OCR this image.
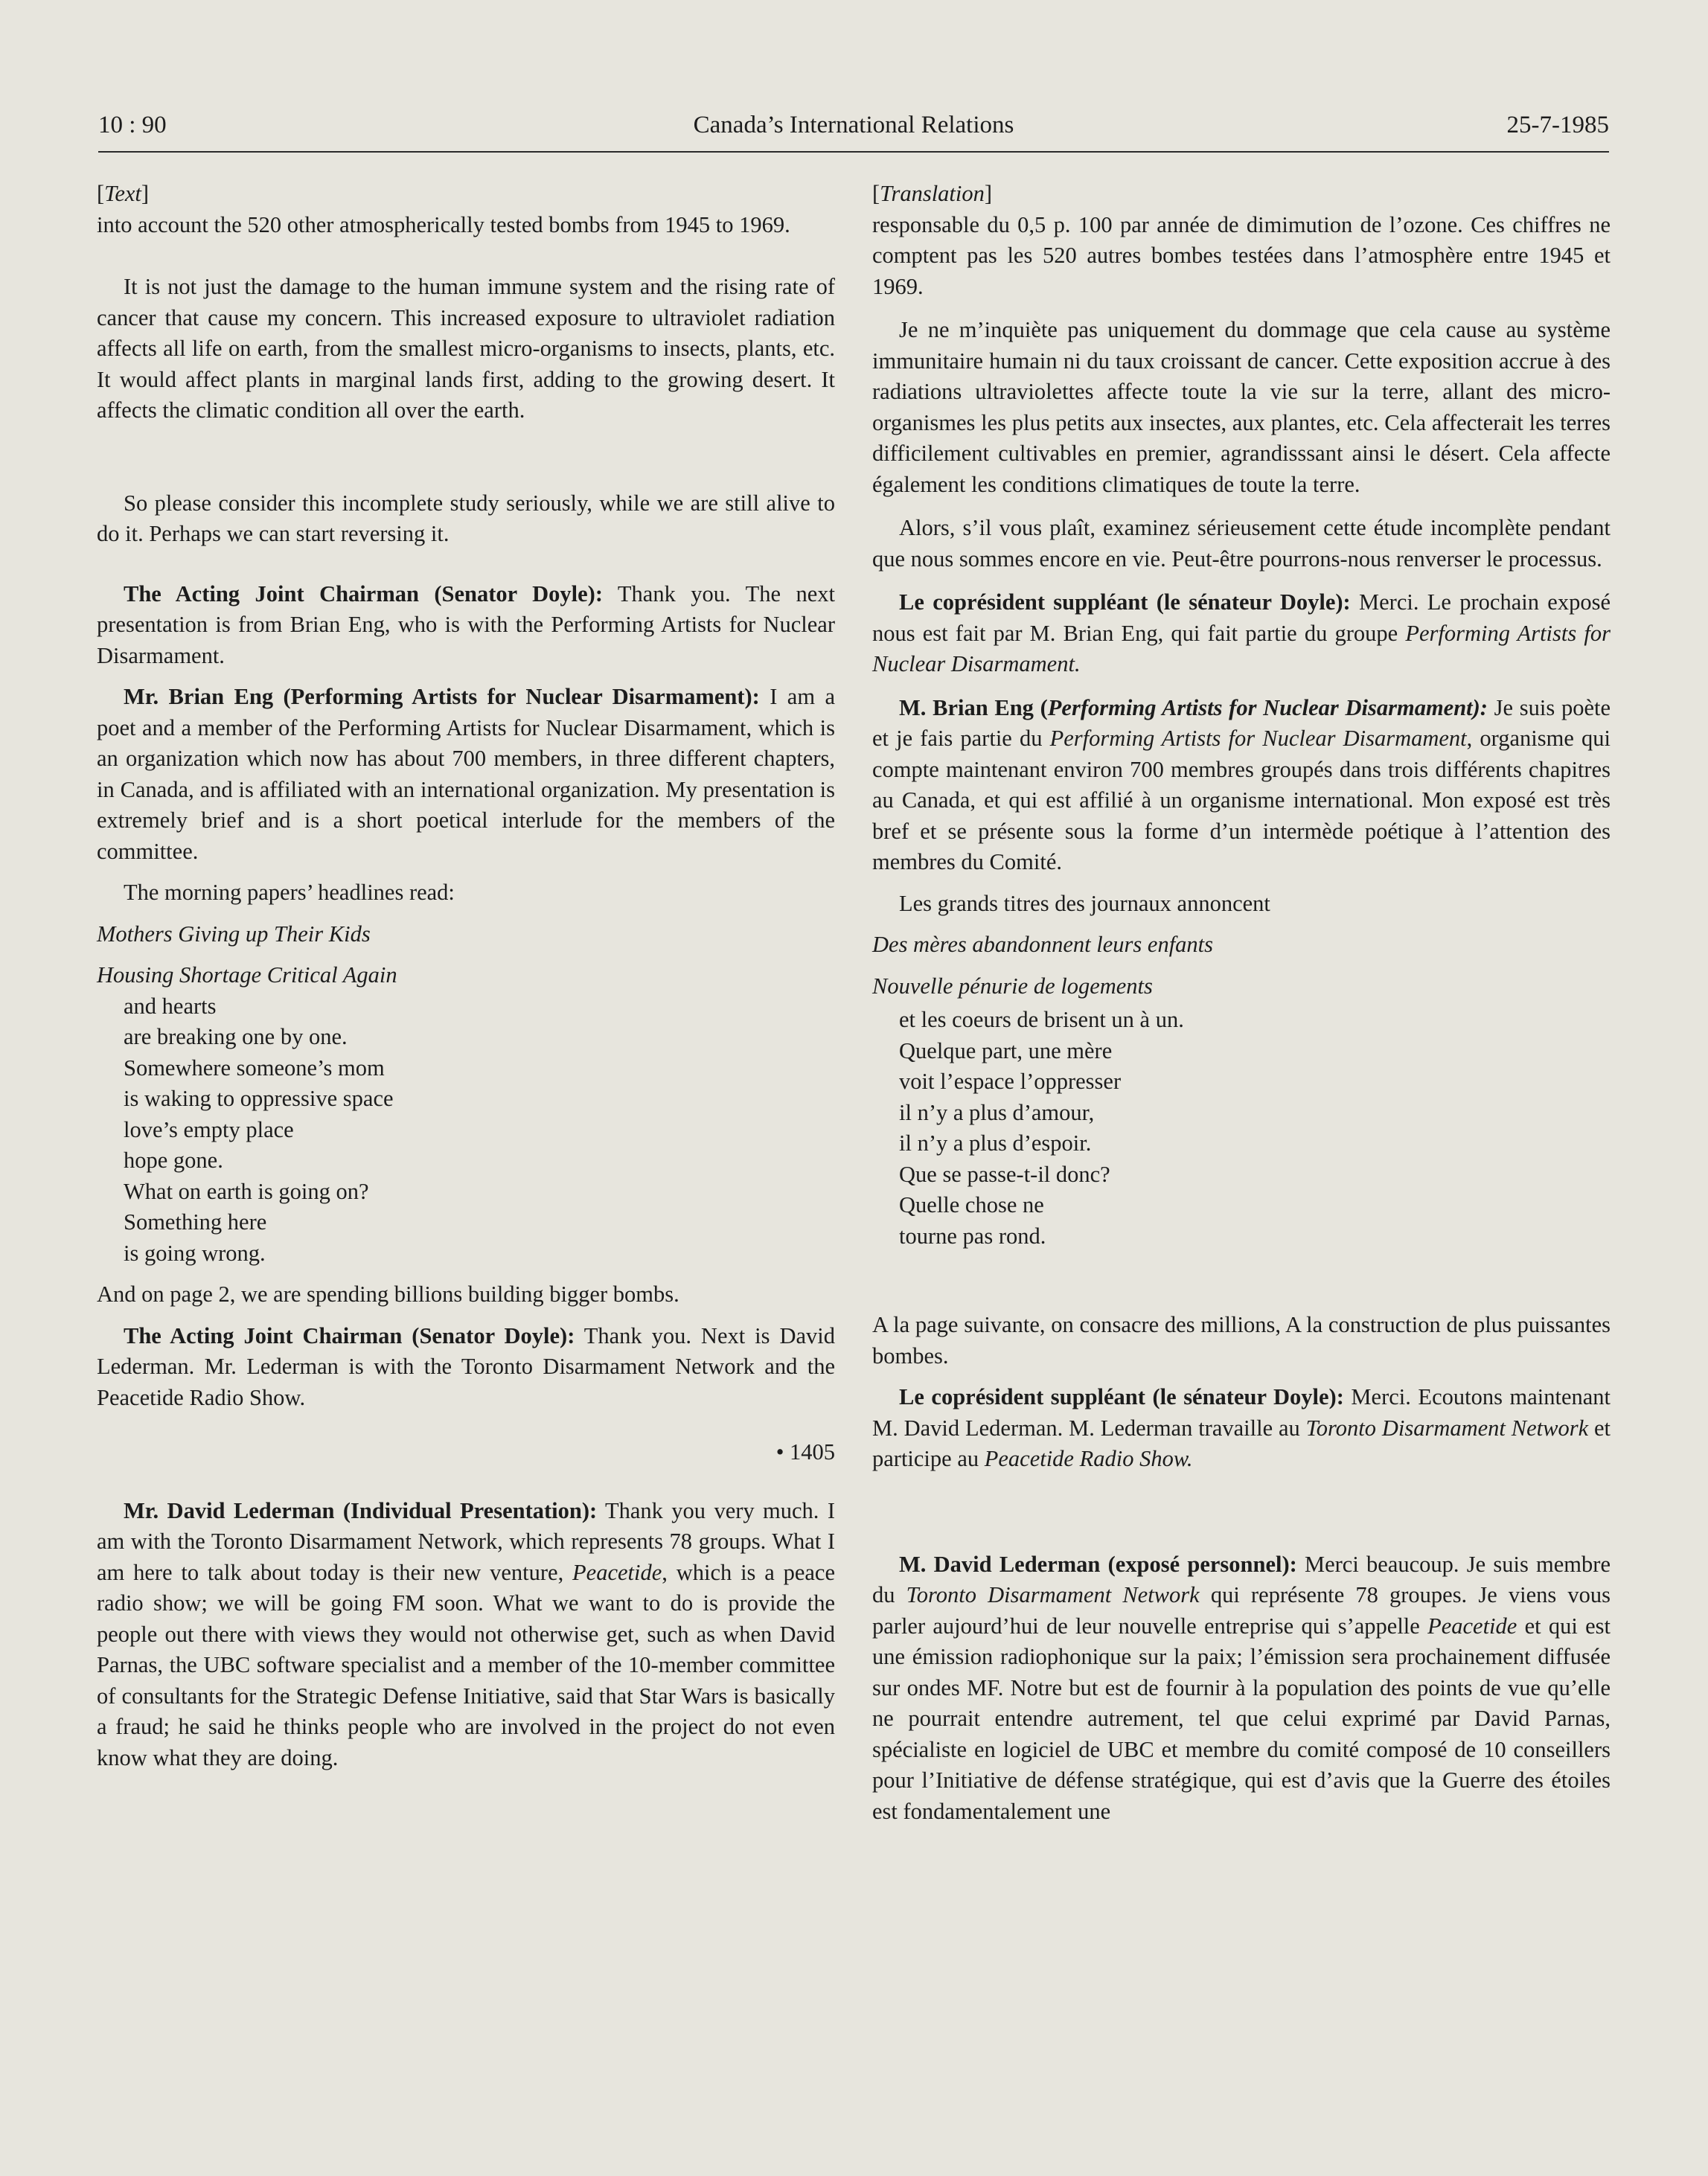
10 : 90	Canada’s International Relations	25-7-1985

[Text]

into account the 520 other atmospherically tested bombs from 1945 to 1969.

It is not just the damage to the human immune system and the rising rate of cancer that cause my concern. This increased exposure to ultraviolet radiation affects all life on earth, from the smallest micro-organisms to insects, plants, etc. It would affect plants in marginal lands first, adding to the growing desert. It affects the climatic condition all over the earth.

So please consider this incomplete study seriously, while we are still alive to do it. Perhaps we can start reversing it.

The Acting Joint Chairman (Senator Doyle): Thank you. The next presentation is from Brian Eng, who is with the Performing Artists for Nuclear Disarmament.

Mr. Brian Eng (Performing Artists for Nuclear Disarmament): I am a poet and a member of the Performing Artists for Nuclear Disarmament, which is an organization which now has about 700 members, in three different chapters, in Canada, and is affiliated with an international organization. My presentation is extremely brief and is a short poetical interlude for the members of the committee.

The morning papers’ headlines read:

Mothers Giving up Their Kids

Housing Shortage Critical Again

and hearts

are breaking one by one.

Somewhere someone’s mom

is waking to oppressive space

love’s empty place

hope gone.

What on earth is going on?

Something here

is going wrong.

And on page 2, we are spending billions building bigger bombs.

The Acting Joint Chairman (Senator Doyle): Thank you. Next is David Lederman. Mr. Lederman is with the Toronto Disarmament Network and the Peacetide Radio Show.

• 1405

Mr. David Lederman (Individual Presentation): Thank you very much. I am with the Toronto Disarmament Network, which represents 78 groups. What I am here to talk about today is their new venture, Peacetide, which is a peace radio show; we will be going FM soon. What we want to do is provide the people out there with views they would not otherwise get, such as when David Parnas, the UBC software specialist and a member of the 10-member committee of consultants for the Strategic Defense Initiative, said that Star Wars is basically a fraud; he said he thinks people who are involved in the project do not even know what they are doing.

[Translation]

responsable du 0,5 p. 100 par année de dimimution de l’ozone. Ces chiffres ne comptent pas les 520 autres bombes testées dans l’atmosphère entre 1945 et 1969.

Je ne m’inquiète pas uniquement du dommage que cela cause au système immunitaire humain ni du taux croissant de cancer. Cette exposition accrue à des radiations ultraviolettes affecte toute la vie sur la terre, allant des micro-organismes les plus petits aux insectes, aux plantes, etc. Cela affecterait les terres difficilement cultivables en premier, agrandisssant ainsi le désert. Cela affecte également les conditions climatiques de toute la terre.

Alors, s’il vous plaît, examinez sérieusement cette étude incomplète pendant que nous sommes encore en vie. Peut-être pourrons-nous renverser le processus.

Le coprésident suppléant (le sénateur Doyle): Merci. Le prochain exposé nous est fait par M. Brian Eng, qui fait partie du groupe Performing Artists for Nuclear Disarmament.

M. Brian Eng (Performing Artists for Nuclear Disarmament): Je suis poète et je fais partie du Performing Artists for Nuclear Disarmament, organisme qui compte maintenant environ 700 membres groupés dans trois différents chapitres au Canada, et qui est affilié à un organisme international. Mon exposé est très bref et se présente sous la forme d’un intermède poétique à l’attention des membres du Comité.

Les grands titres des journaux annoncent

Des mères abandonnent leurs enfants

Nouvelle pénurie de logements

et les coeurs de brisent un à un.

Quelque part, une mère

voit l’espace l’oppresser

il n’y a plus d’amour,

il n’y a plus d’espoir.

Que se passe-t-il donc?

Quelle chose ne

tourne pas rond.

A la page suivante, on consacre des millions, A la construction de plus puissantes bombes.

Le coprésident suppléant (le sénateur Doyle): Merci. Ecoutons maintenant M. David Lederman. M. Lederman travaille au Toronto Disarmament Network et participe au Peacetide Radio Show.

M. David Lederman (exposé personnel): Merci beaucoup. Je suis membre du Toronto Disarmament Network qui représente 78 groupes. Je viens vous parler aujourd’hui de leur nouvelle entreprise qui s’appelle Peacetide et qui est une émission radiophonique sur la paix; l’émission sera prochainement diffusée sur ondes MF. Notre but est de fournir à la population des points de vue qu’elle ne pourrait entendre autrement, tel que celui exprimé par David Parnas, spécialiste en logiciel de UBC et membre du comité composé de 10 conseillers pour l’Initiative de défense stratégique, qui est d’avis que la Guerre des étoiles est fondamentalement une
